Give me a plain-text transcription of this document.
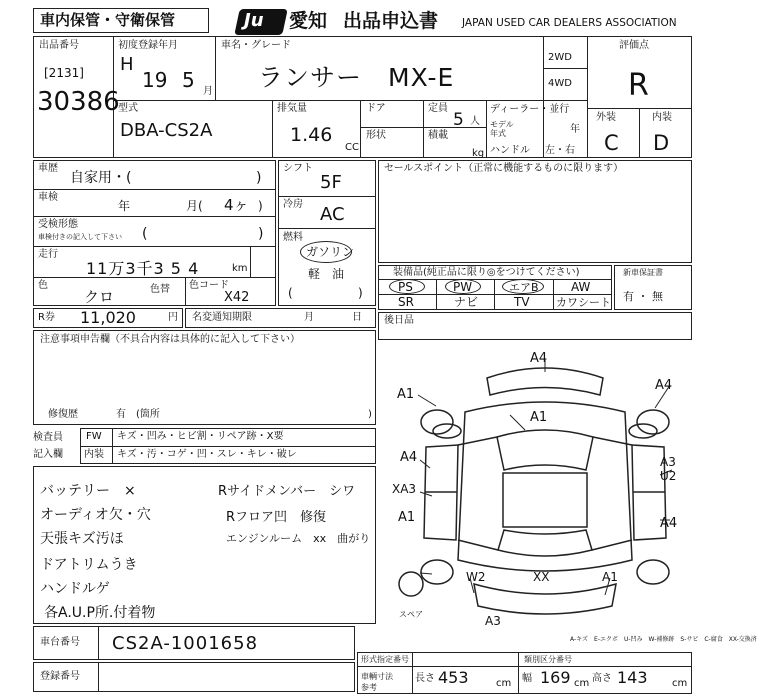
車内保管・守衛保管	Ju 愛知 出品申込書 JAPAN USED CAR DEALERS ASSOCIATION
出品番号
[2131]
30386
初度登録年月
H
19 5 月
車名・グレード
ランサー　MX-E
2WD
4WD
評価点
R
外装	内装
C D
型式
DBA-CS2A
排気量
1.46
CC
ドア
形状
定員
5 人
積載
kg
ディーラー・並行
モデル
年式	年
ハンドル 左・右
車歴
自家用・(	)
車検
年	月( 4ヶ )
受検形態
車検付きの記入して下さい (	)
走行
11万3千3 5 4	km
色
クロ	色替 色コード
X42
シフト
5F
冷房 AC
燃料
ガソリン
軽　油
(	)
セールスポイント（正常に機能するものに限ります）
装備品(純正品に限り◎をつけてください)
PS	PW	エアB	AW
SR	ナビ	TV カワシート
新車保証書
有 ・ 無
R券 11,020	円 名変通知期限	月	日 後日品
注意事項申告欄（不具合内容は具体的に記入して下さい）
修復歴	有　(箇所	)
検査員
記入欄
FW キズ・凹み・ヒビ割・リペア跡・X要
内装 キズ・汚・コゲ・凹・スレ・キレ・破レ
バッテリー　×
オーディオ欠・穴
天張キズ汚ほ
ドアトリムうき
ハンドルゲ
各A.U.P所.付着物
Rサイドメンバー　シワ
Rフロア凹　修復
エンジンルーム　xx　曲がり
A4
A1
A4
XA3
A1
A4
A3
U2
A4
A1
W2	XX	A1
A3
スペア
A-キズ　E-エクボ　U-凹み　W-補修跡　S-サビ　C-腐食　XX-交換済
車台番号 CS2A-1001658
登録番号
形式指定番号	類別区分番号
車輌寸法
参考
長さ 453	cm 幅 169 cm 高さ 143 cm
